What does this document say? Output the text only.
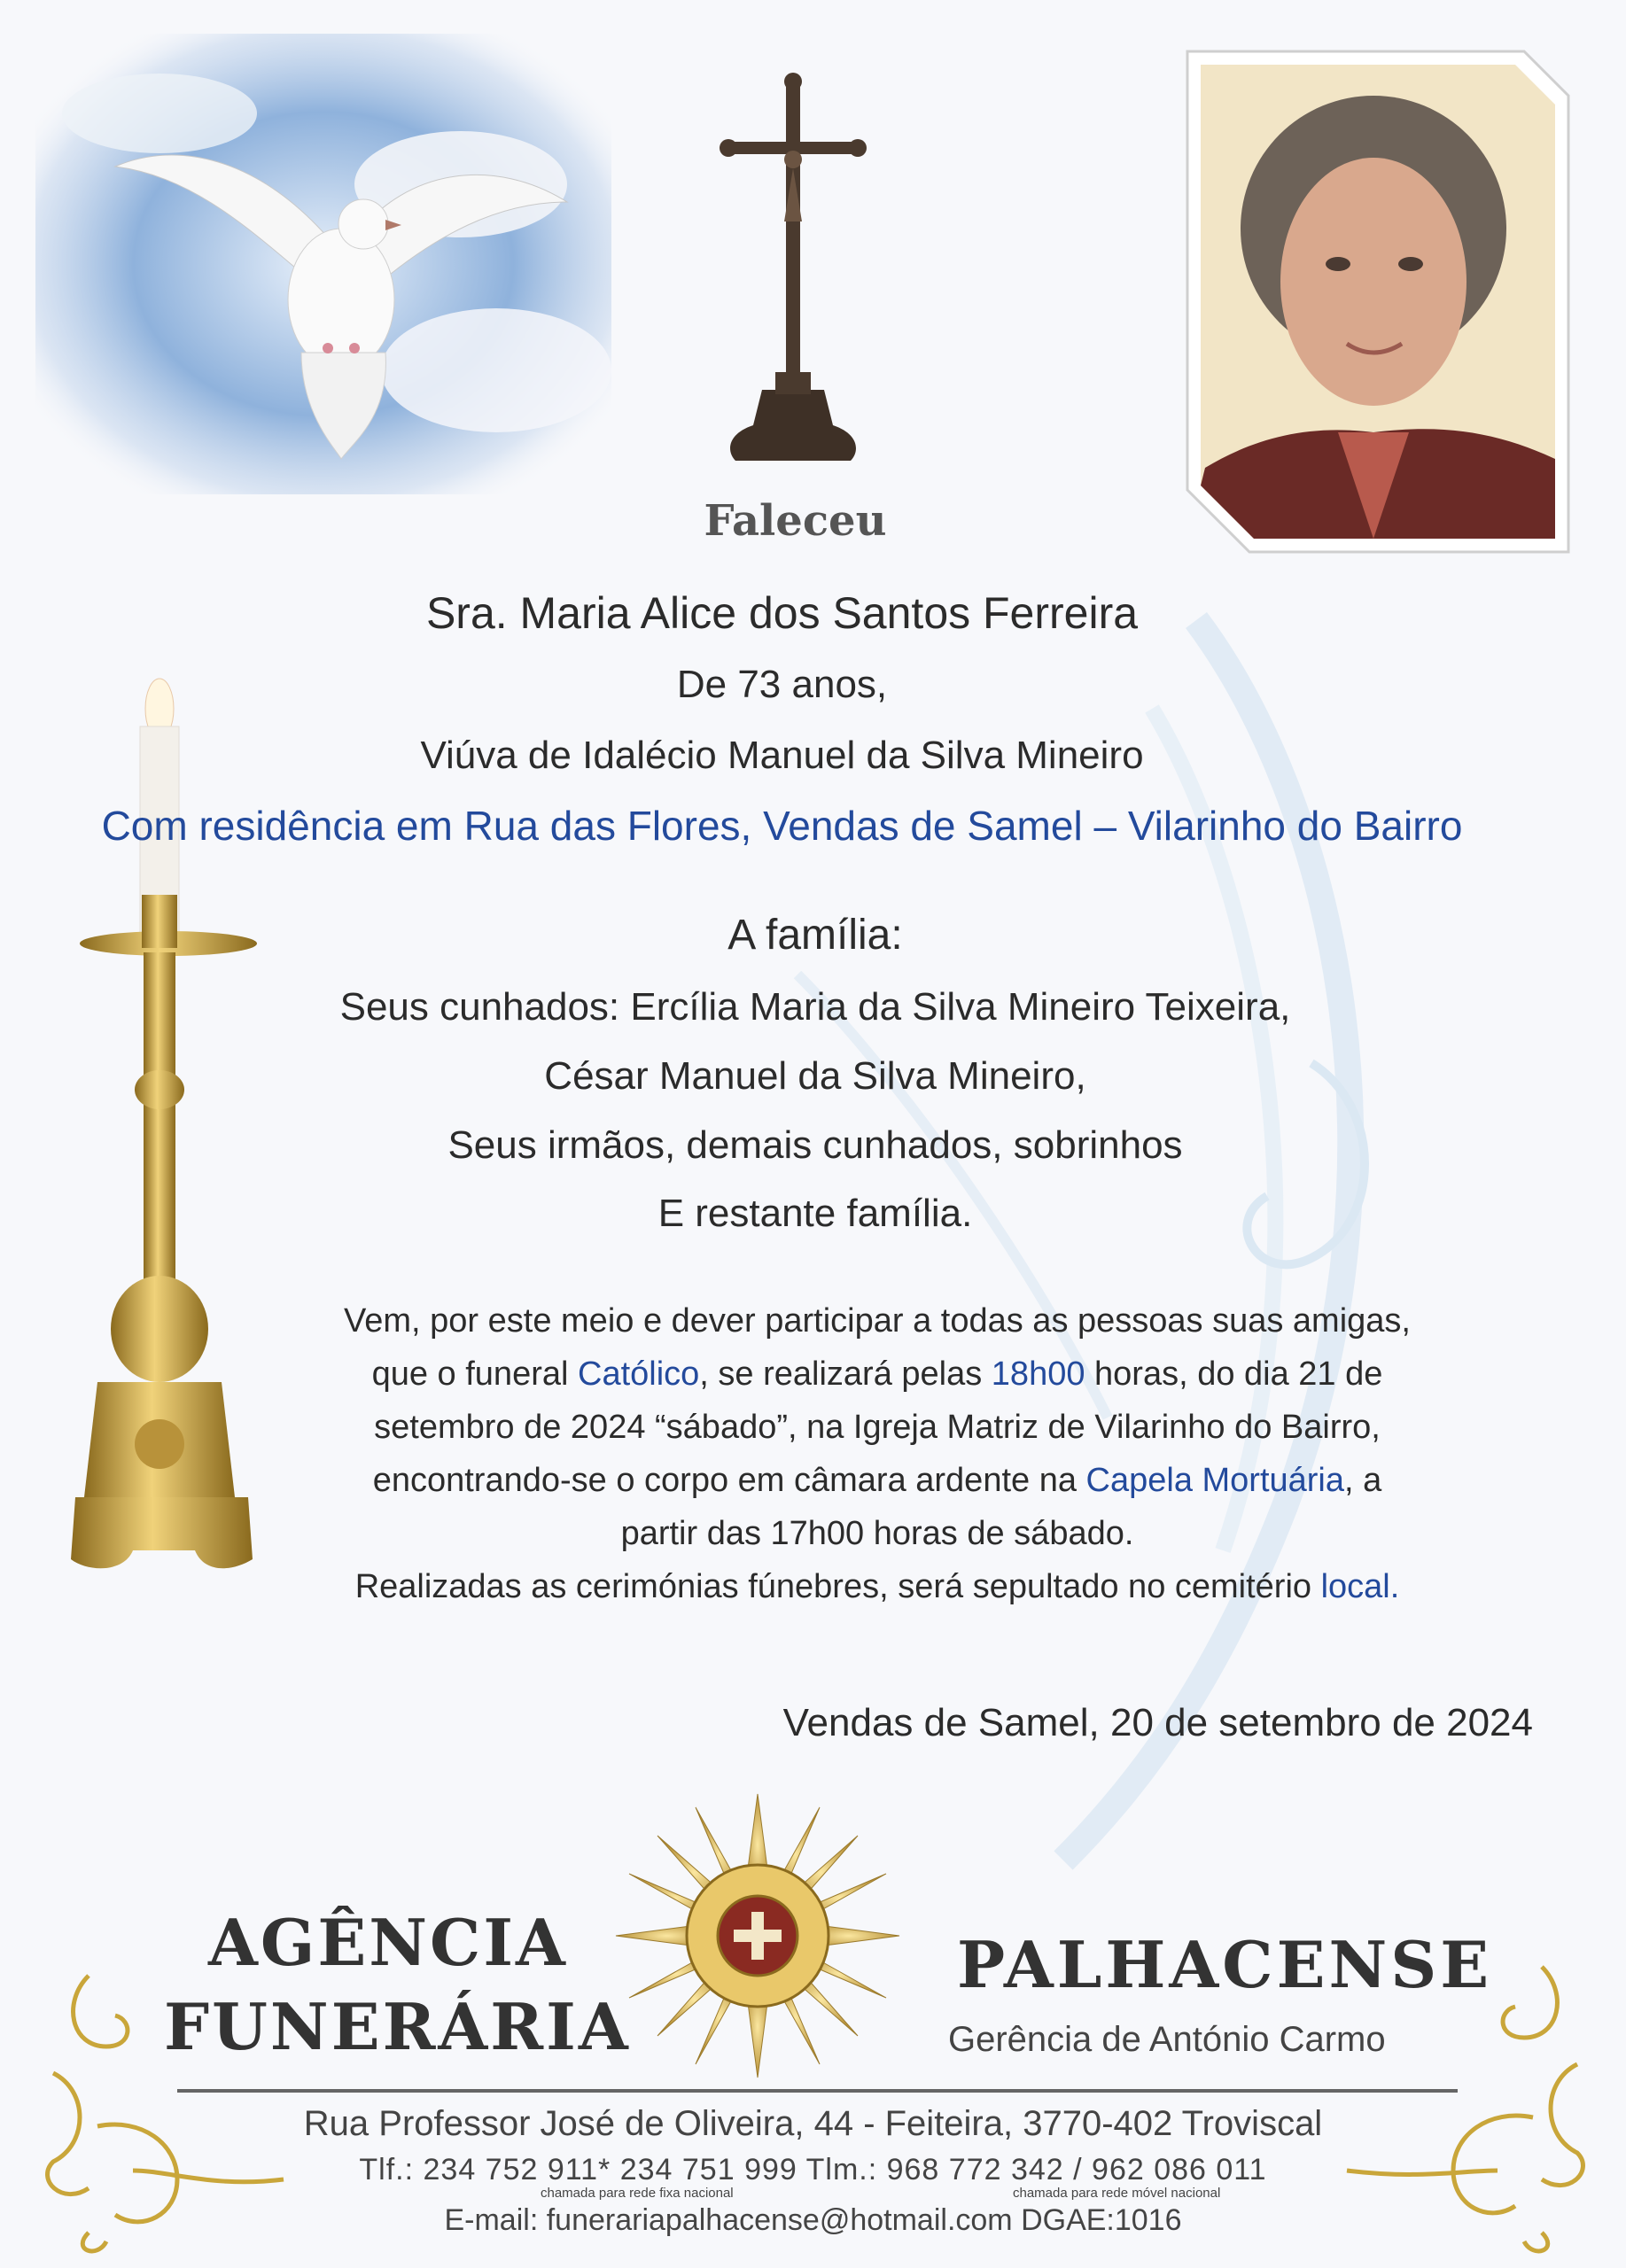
Faleceu
Sra. Maria Alice dos Santos Ferreira
De 73 anos,
Viúva de Idalécio Manuel da Silva Mineiro
Com residência em Rua das Flores, Vendas de Samel – Vilarinho do Bairro
A família:
Seus cunhados: Ercília Maria da Silva Mineiro Teixeira,
César Manuel da Silva Mineiro,
Seus irmãos, demais cunhados, sobrinhos
E restante família.
Vem, por este meio e dever participar a todas as pessoas suas amigas,
que o funeral Católico, se realizará pelas 18h00 horas, do dia 21 de
setembro de 2024 “sábado”, na Igreja Matriz de Vilarinho do Bairro,
encontrando-se o corpo em câmara ardente na Capela Mortuária, a
partir das 17h00 horas de sábado.
Realizadas as cerimónias fúnebres, será sepultado no cemitério local.
Vendas de Samel, 20 de setembro de 2024
AGÊNCIA
FUNERÁRIA
PALHACENSE
Gerência de António Carmo
Rua Professor José de Oliveira, 44 - Feiteira, 3770-402 Troviscal
Tlf.: 234 752 911* 234 751 999 Tlm.: 968 772 342 / 962 086 011
chamada para rede fixa nacional	chamada para rede móvel nacional
E-mail: funerariapalhacense@hotmail.com DGAE:1016
